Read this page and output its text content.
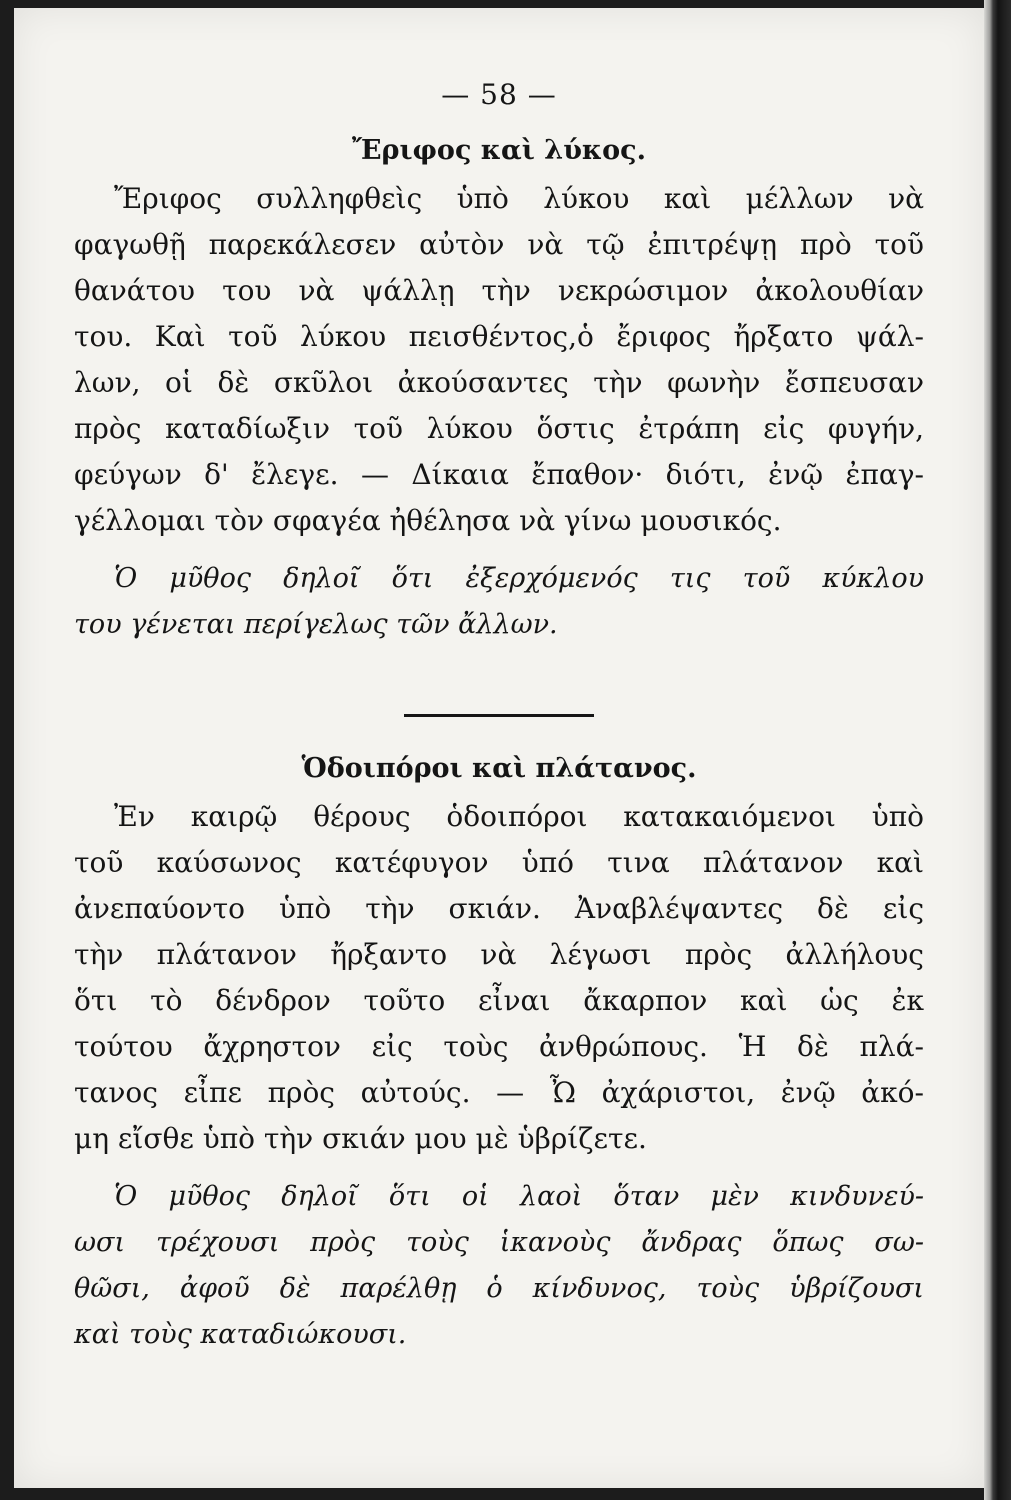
— 58 —
Ἔριφος καὶ λύκος.
Ἔριφος συλληφθεὶς ὑπὸ λύκου καὶ μέλλων νὰ
φαγωθῇ παρεκάλεσεν αὐτὸν νὰ τῷ ἐπιτρέψῃ πρὸ τοῦ
θανάτου του νὰ ψάλλῃ τὴν νεκρώσιμον ἀκολουθίαν
του. Καὶ τοῦ λύκου πεισθέντος,ὁ ἔριφος ἤρξατο ψάλ-
λων, οἱ δὲ σκῦλοι ἀκούσαντες τὴν φωνὴν ἔσπευσαν
πρὸς καταδίωξιν τοῦ λύκου ὅστις ἐτράπη εἰς φυγήν,
φεύγων δ' ἔλεγε. — Δίκαια ἔπαθον· διότι, ἐνῷ ἐπαγ-
γέλλομαι τὸν σφαγέα ἠθέλησα νὰ γίνω μουσικός.
Ὁ μῦθος δηλοῖ ὅτι ἐξερχόμενός τις τοῦ κύκλου
του γένεται περίγελως τῶν ἄλλων.
Ὁδοιπόροι καὶ πλάτανος.
Ἐν καιρῷ θέρους ὁδοιπόροι κατακαιόμενοι ὑπὸ
τοῦ καύσωνος κατέφυγον ὑπό τινα πλάτανον καὶ
ἀνεπαύοντο ὑπὸ τὴν σκιάν. Ἀναβλέψαντες δὲ εἰς
τὴν πλάτανον ἤρξαντο νὰ λέγωσι πρὸς ἀλλήλους
ὅτι τὸ δένδρον τοῦτο εἶναι ἄκαρπον καὶ ὡς ἐκ
τούτου ἄχρηστον εἰς τοὺς ἀνθρώπους. Ἡ δὲ πλά-
τανος εἶπε πρὸς αὐτούς. — Ὦ ἀχάριστοι, ἐνῷ ἀκό-
μη εἴσθε ὑπὸ τὴν σκιάν μου μὲ ὑβρίζετε.
Ὁ μῦθος δηλοῖ ὅτι οἱ λαοὶ ὅταν μὲν κινδυνεύ-
ωσι τρέχουσι πρὸς τοὺς ἱκανοὺς ἄνδρας ὅπως σω-
θῶσι, ἀφοῦ δὲ παρέλθῃ ὁ κίνδυνος, τοὺς ὑβρίζουσι
καὶ τοὺς καταδιώκουσι.
